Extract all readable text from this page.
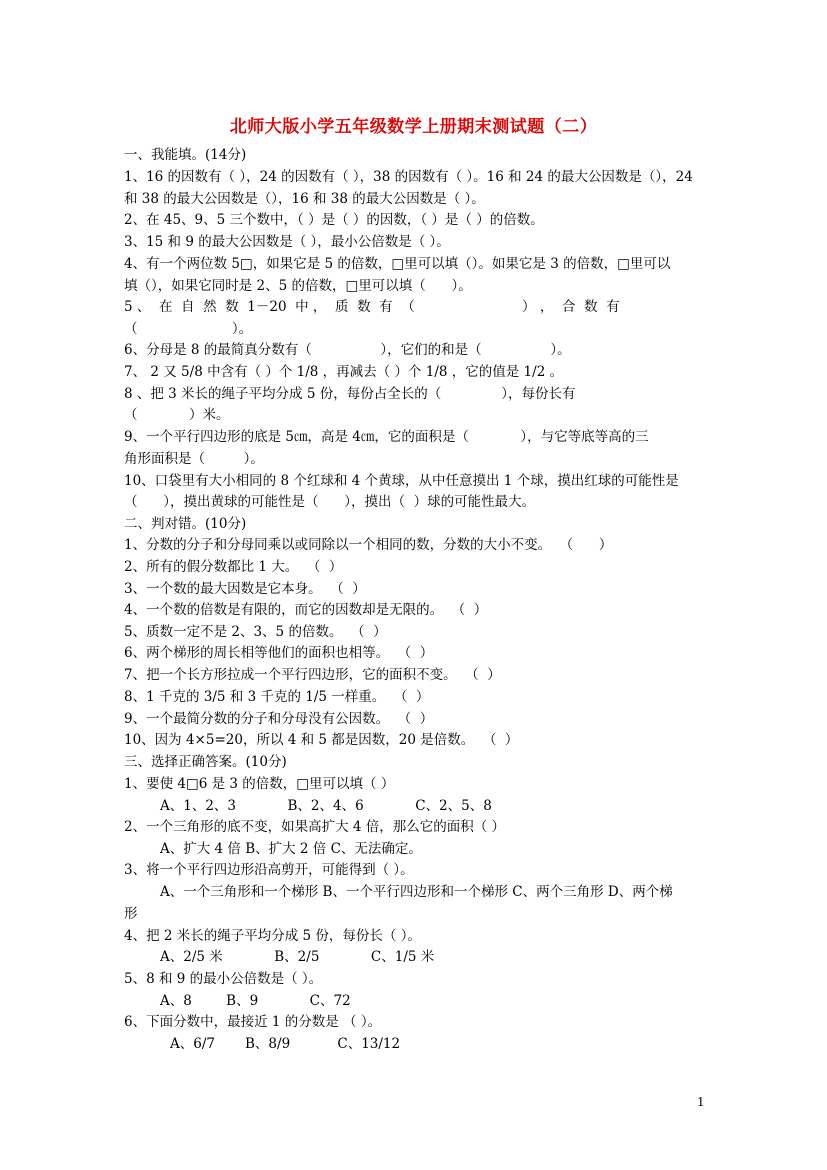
北师大版小学五年级数学上册期末测试题（二）
一、我能填。(14分)
1、16 的因数有（ ），24 的因数有（ ），38 的因数有（ ）。16 和 24 的最大公因数是（），24
和 38 的最大公因数是（），16 和 38 的最大公因数是（ ）。
2、在 45、9、5 三个数中，（ ）是（ ）的因数，（ ）是（ ）的倍数。
3、15 和 9 的最大公因数是（ ），最小公倍数是（ ）。
4、有一个两位数 5□，如果它是 5 的倍数，□里可以填（）。如果它是 3 的倍数，□里可以
填（），如果它同时是 2、5 的倍数，□里可以填（      ）。
5 、  在  自  然  数  1－20  中 ，  质  数  有  （                         ） ，  合  数  有
（                      ）。
6、分母是 8 的最简真分数有（                ），它们的和是（                ）。
7、 2 又 5/8 中含有（ ）个 1/8 ，再减去（ ）个 1/8 ，它的值是 1/2 。
8 、把 3 米长的绳子平均分成 5 份，每份占全长的（              ），每份长有
（            ）米。
9、一个平行四边形的底是 5㎝，高是 4㎝，它的面积是（            ），与它等底等高的三
角形面积是（         ）。
10、口袋里有大小相同的 8 个红球和 4 个黄球，从中任意摸出 1 个球，摸出红球的可能性是
（      ），摸出黄球的可能性是（      ），摸出（  ）球的可能性最大。
二、判对错。(10分)
1、分数的分子和分母同乘以或同除以一个相同的数，分数的大小不变。  （      ）
2、所有的假分数都比 1 大。  （  ）
3、一个数的最大因数是它本身。  （  ）
4、一个数的倍数是有限的，而它的因数却是无限的。  （  ）
5、质数一定不是 2、3、5 的倍数。  （  ）
6、两个梯形的周长相等他们的面积也相等。  （  ）
7、把一个长方形拉成一个平行四边形，它的面积不变。  （  ）
8、1 千克的 3/5 和 3 千克的 1/5 一样重。  （  ）
9、一个最简分数的分子和分母没有公因数。  （  ）
10、因为 4×5=20，所以 4 和 5 都是因数，20 是倍数。  （  ）
三、选择正确答案。(10分)
1、要使 4□6 是 3 的倍数，□里可以填（ ）
A、1、2、3            B、2、4、6            C、2、5、8
2、一个三角形的底不变，如果高扩大 4 倍，那么它的面积（ ）
A、扩大 4 倍 B、扩大 2 倍 C、无法确定。
3、将一个平行四边形沿高剪开，可能得到（ ）。
A、一个三角形和一个梯形 B、一个平行四边形和一个梯形 C、两个三角形 D、两个梯
形
4、把 2 米长的绳子平均分成 5 份，每份长（ ）。
A、2/5 米            B、2/5            C、1/5 米
5、8 和 9 的最小公倍数是（ ）。
A、8        B、9            C、72
6、下面分数中，最接近 1 的分数是 （ ）。
A、6/7       B、8/9           C、13/12
1
